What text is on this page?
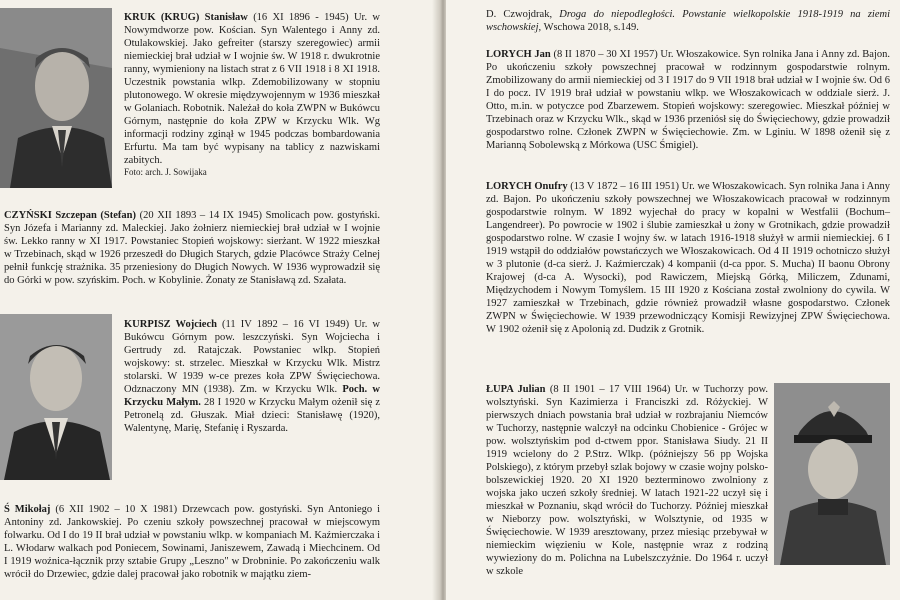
KRUK (KRUG) Stanisław (16 XI 1896 - 1945) Ur. w Nowymdworze pow. Kościan. Syn Walentego i Anny zd. Otulakowskiej. Jako gefreiter (starszy szeregowiec) armii niemieckiej brał udział w I wojnie św. W 1918 r. dwukrotnie ranny, wymieniony na listach strat z 6 VII 1918 i 8 XI 1918. Uczestnik powstania wlkp. Zdemobilizowany w stopniu plutonowego. W okresie międzywojennym w 1936 mieszkał w Golaniach. Robotnik. Należał do koła ZWPN w Bukówcu Górnym, następnie do koła ZPW w Krzycku Wlk. Wg informacji rodziny zginął w 1945 podczas bombardowania Erfurtu. Ma tam być wypisany na tablicy z nazwiskami zabitych.

Foto: arch. J. Sowijaka

CZYŃSKI Szczepan (Stefan) (20 XII 1893 – 14 IX 1945) Smolicach pow. gostyński. Syn Józefa i Marianny zd. Maleckiej. Jako żołnierz niemieckiej brał udział w I wojnie św. Lekko ranny w XI 1917. Powstaniec Stopień wojskowy: sierżant. W 1922 mieszkał w Trzebinach, skąd w 1926 przeszedł do Długich Starych, gdzie Placówce Straży Celnej pełnił funkcję strażnika. 35 przeniesiony do Długich Nowych. W 1936 wyprowadził się do Górki w pow. szyńskim. Poch. w Kobylinie. Żonaty ze Stanisławą zd. Szałata.

KURPISZ Wojciech (11 IV 1892 – 16 VI 1949) Ur. w Bukówcu Górnym pow. leszczyński. Syn Wojciecha i Gertrudy zd. Ratajczak. Powstaniec wlkp. Stopień wojskowy: st. strzelec. Mieszkał w Krzycku Wlk. Mistrz stolarski. W 1939 w-ce prezes koła ZPW Święciechowa. Odznaczony MN (1938). Zm. w Krzycku Wlk. Poch. w Krzycku Małym. 28 I 1920 w Krzycku Małym ożenił się z Petronelą zd. Głuszak. Miał dzieci: Stanisławę (1920), Walentynę, Marię, Stefanię i Ryszarda.

Ś Mikołaj (6 XII 1902 – 10 X 1981) Drzewcach pow. gostyński. Syn Antoniego i Antoniny zd. Jankowskiej. Po czeniu szkoły powszechnej pracował w miejscowym folwarku. Od I do 19 II brał udział w powstaniu wlkp. w kompaniach M. Kaźmierczaka i L. Włodarw walkach pod Poniecem, Sowinami, Janiszewem, Zawadą i Miechcinem. Od I 1919 woźnica-łącznik przy sztabie Grupy „Leszno" w Drobninie. Po zakończeniu walk wrócił do Drzewiec, gdzie dalej pracował jako robotnik w majątku ziem-

D. Czwojdrak, Droga do niepodległości. Powstanie wielkopolskie 1918-1919 na ziemi wschowskiej, Wschowa 2018, s.149.

LORYCH Jan (8 II 1870 – 30 XI 1957) Ur. Włoszakowice. Syn rolnika Jana i Anny zd. Bajon. Po ukończeniu szkoły powszechnej pracował w rodzinnym gospodarstwie rolnym. Zmobilizowany do armii niemieckiej od 3 I 1917 do 9 VII 1918 brał udział w I wojnie św. Od 6 I do pocz. IV 1919 brał udział w powstaniu wlkp. we Włoszakowicach w oddziale sierż. J. Otto, m.in. w potyczce pod Zbarzewem. Stopień wojskowy: szeregowiec. Mieszkał później w Trzebinach oraz w Krzycku Wlk., skąd w 1936 przeniósł się do Święciechowy, gdzie prowadził gospodarstwo rolne. Członek ZWPN w Święciechowie. Zm. w Lginiu. W 1898 ożenił się z Marianną Sobolewską z Mórkowa (USC Śmigiel).

LORYCH Onufry (13 V 1872 – 16 III 1951) Ur. we Włoszakowicach. Syn rolnika Jana i Anny zd. Bajon. Po ukończeniu szkoły powszechnej we Włoszakowicach pracował w rodzinnym gospodarstwie rolnym. W 1892 wyjechał do pracy w kopalni w Westfalii (Bochum–Langendreer). Po powrocie w 1902 i ślubie zamieszkał u żony w Grotnikach, gdzie prowadził gospodarstwo rolne. W czasie I wojny św. w latach 1916-1918 służył w armii niemieckiej. 6 I 1919 wstąpił do oddziałów powstańczych we Włoszakowicach. Od 4 II 1919 ochotniczo służył w 3 plutonie (d-ca sierż. J. Kaźmierczak) 4 kompanii (d-ca ppor. S. Mucha) II baonu Obrony Krajowej (d-ca A. Wysocki), pod Rawiczem, Miejską Górką, Miliczem, Zdunami, Międzychodem i Nowym Tomyślem. 15 III 1920 z Kościana został zwolniony do cywila. W 1927 zamieszkał w Trzebinach, gdzie również prowadził własne gospodarstwo. Członek ZWPN w Święciechowie. W 1939 przewodniczący Komisji Rewizyjnej ZPW Święciechowa. W 1902 ożenił się z Apolonią zd. Dudzik z Grotnik.

ŁUPA Julian (8 II 1901 – 17 VIII 1964) Ur. w Tuchorzy pow. wolsztyński. Syn Kazimierza i Franciszki zd. Różyckiej. W pierwszych dniach powstania brał udział w rozbrajaniu Niemców w Tuchorzy, następnie walczył na odcinku Chobienice - Grójec w pow. wolsztyńskim pod d-ctwem ppor. Stanisława Siudy. 21 II 1919 wcielony do 2 P.Strz. Wlkp. (późniejszy 56 pp Wojska Polskiego), z którym przebył szlak bojowy w czasie wojny polsko-bolszewickiej 1920. 20 XI 1920 bezterminowo zwolniony z wojska jako uczeń szkoły średniej. W latach 1921-22 uczył się i mieszkał w Poznaniu, skąd wrócił do Tuchorzy. Później mieszkał w Nieborzy pow. wolsztyński, w Wolsztynie, od 1935 w Święciechowie. W 1939 aresztowany, przez miesiąc przebywał w niemieckim więzieniu w Kole, następnie wraz z rodziną wywieziony do m. Polichna na Lubelszczyźnie. Do 1964 r. uczył w szkole
